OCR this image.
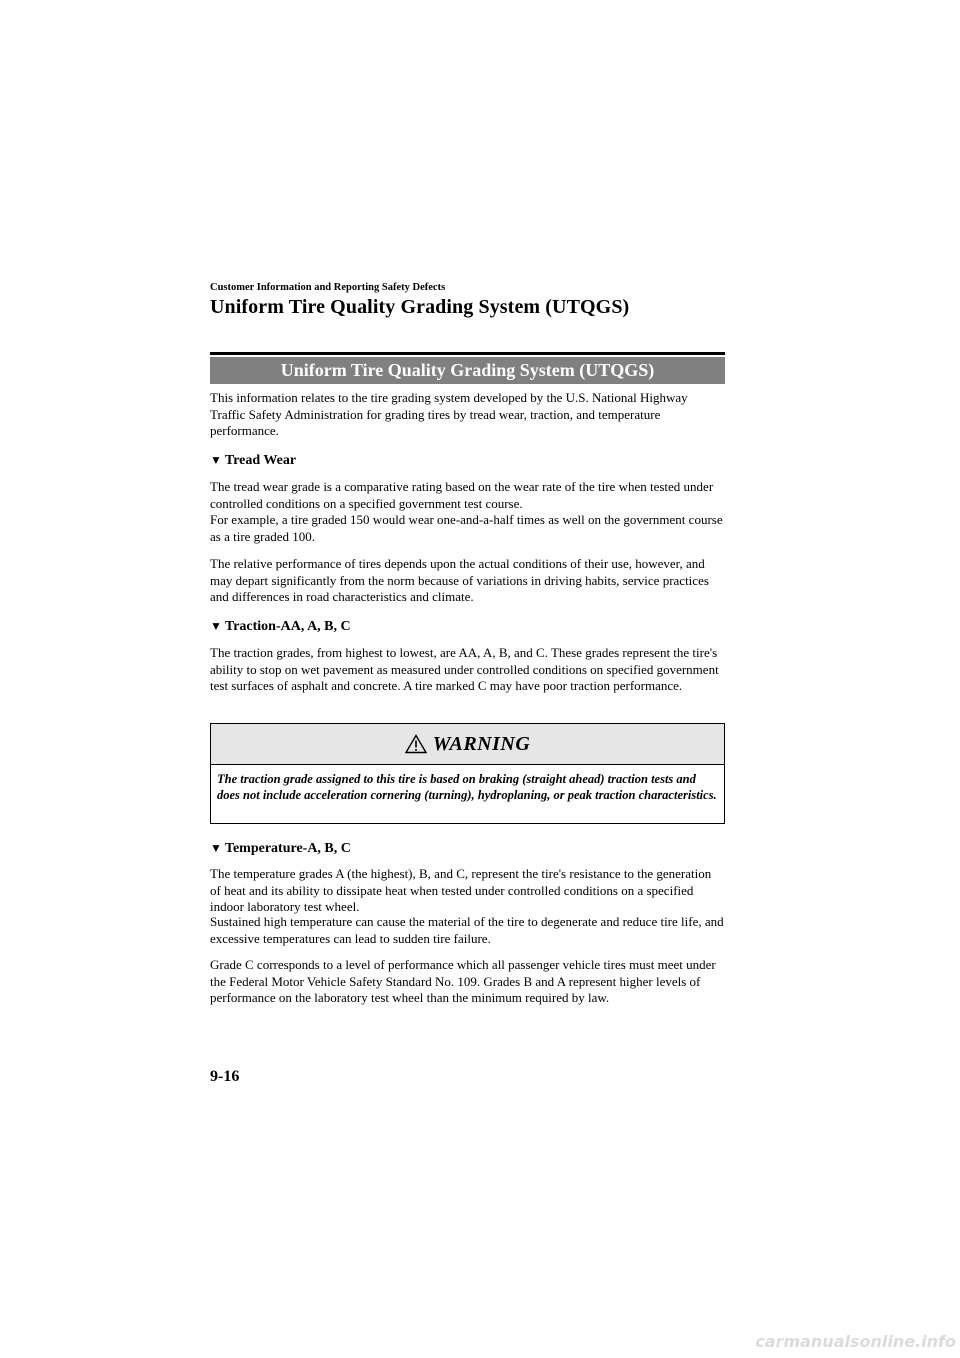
Customer Information and Reporting Safety Defects
Uniform Tire Quality Grading System (UTQGS)
Uniform Tire Quality Grading System (UTQGS)

This information relates to the tire grading system developed by the U.S. National Highway Traffic Safety Administration for grading tires by tread wear, traction, and temperature performance.

▼ Tread Wear

The tread wear grade is a comparative rating based on the wear rate of the tire when tested under controlled conditions on a specified government test course.

For example, a tire graded 150 would wear one-and-a-half times as well on the government course as a tire graded 100.

The relative performance of tires depends upon the actual conditions of their use, however, and may depart significantly from the norm because of variations in driving habits, service practices and differences in road characteristics and climate.

▼ Traction-AA, A, B, C

The traction grades, from highest to lowest, are AA, A, B, and C. These grades represent the tire's ability to stop on wet pavement as measured under controlled conditions on specified government test surfaces of asphalt and concrete. A tire marked C may have poor traction performance.

WARNING

The traction grade assigned to this tire is based on braking (straight ahead) traction tests and does not include acceleration cornering (turning), hydroplaning, or peak traction characteristics.

▼ Temperature-A, B, C

The temperature grades A (the highest), B, and C, represent the tire's resistance to the generation of heat and its ability to dissipate heat when tested under controlled conditions on a specified indoor laboratory test wheel.

Sustained high temperature can cause the material of the tire to degenerate and reduce tire life, and excessive temperatures can lead to sudden tire failure.

Grade C corresponds to a level of performance which all passenger vehicle tires must meet under the Federal Motor Vehicle Safety Standard No. 109. Grades B and A represent higher levels of performance on the laboratory test wheel than the minimum required by law.

9-16
carmanualsonline.info
